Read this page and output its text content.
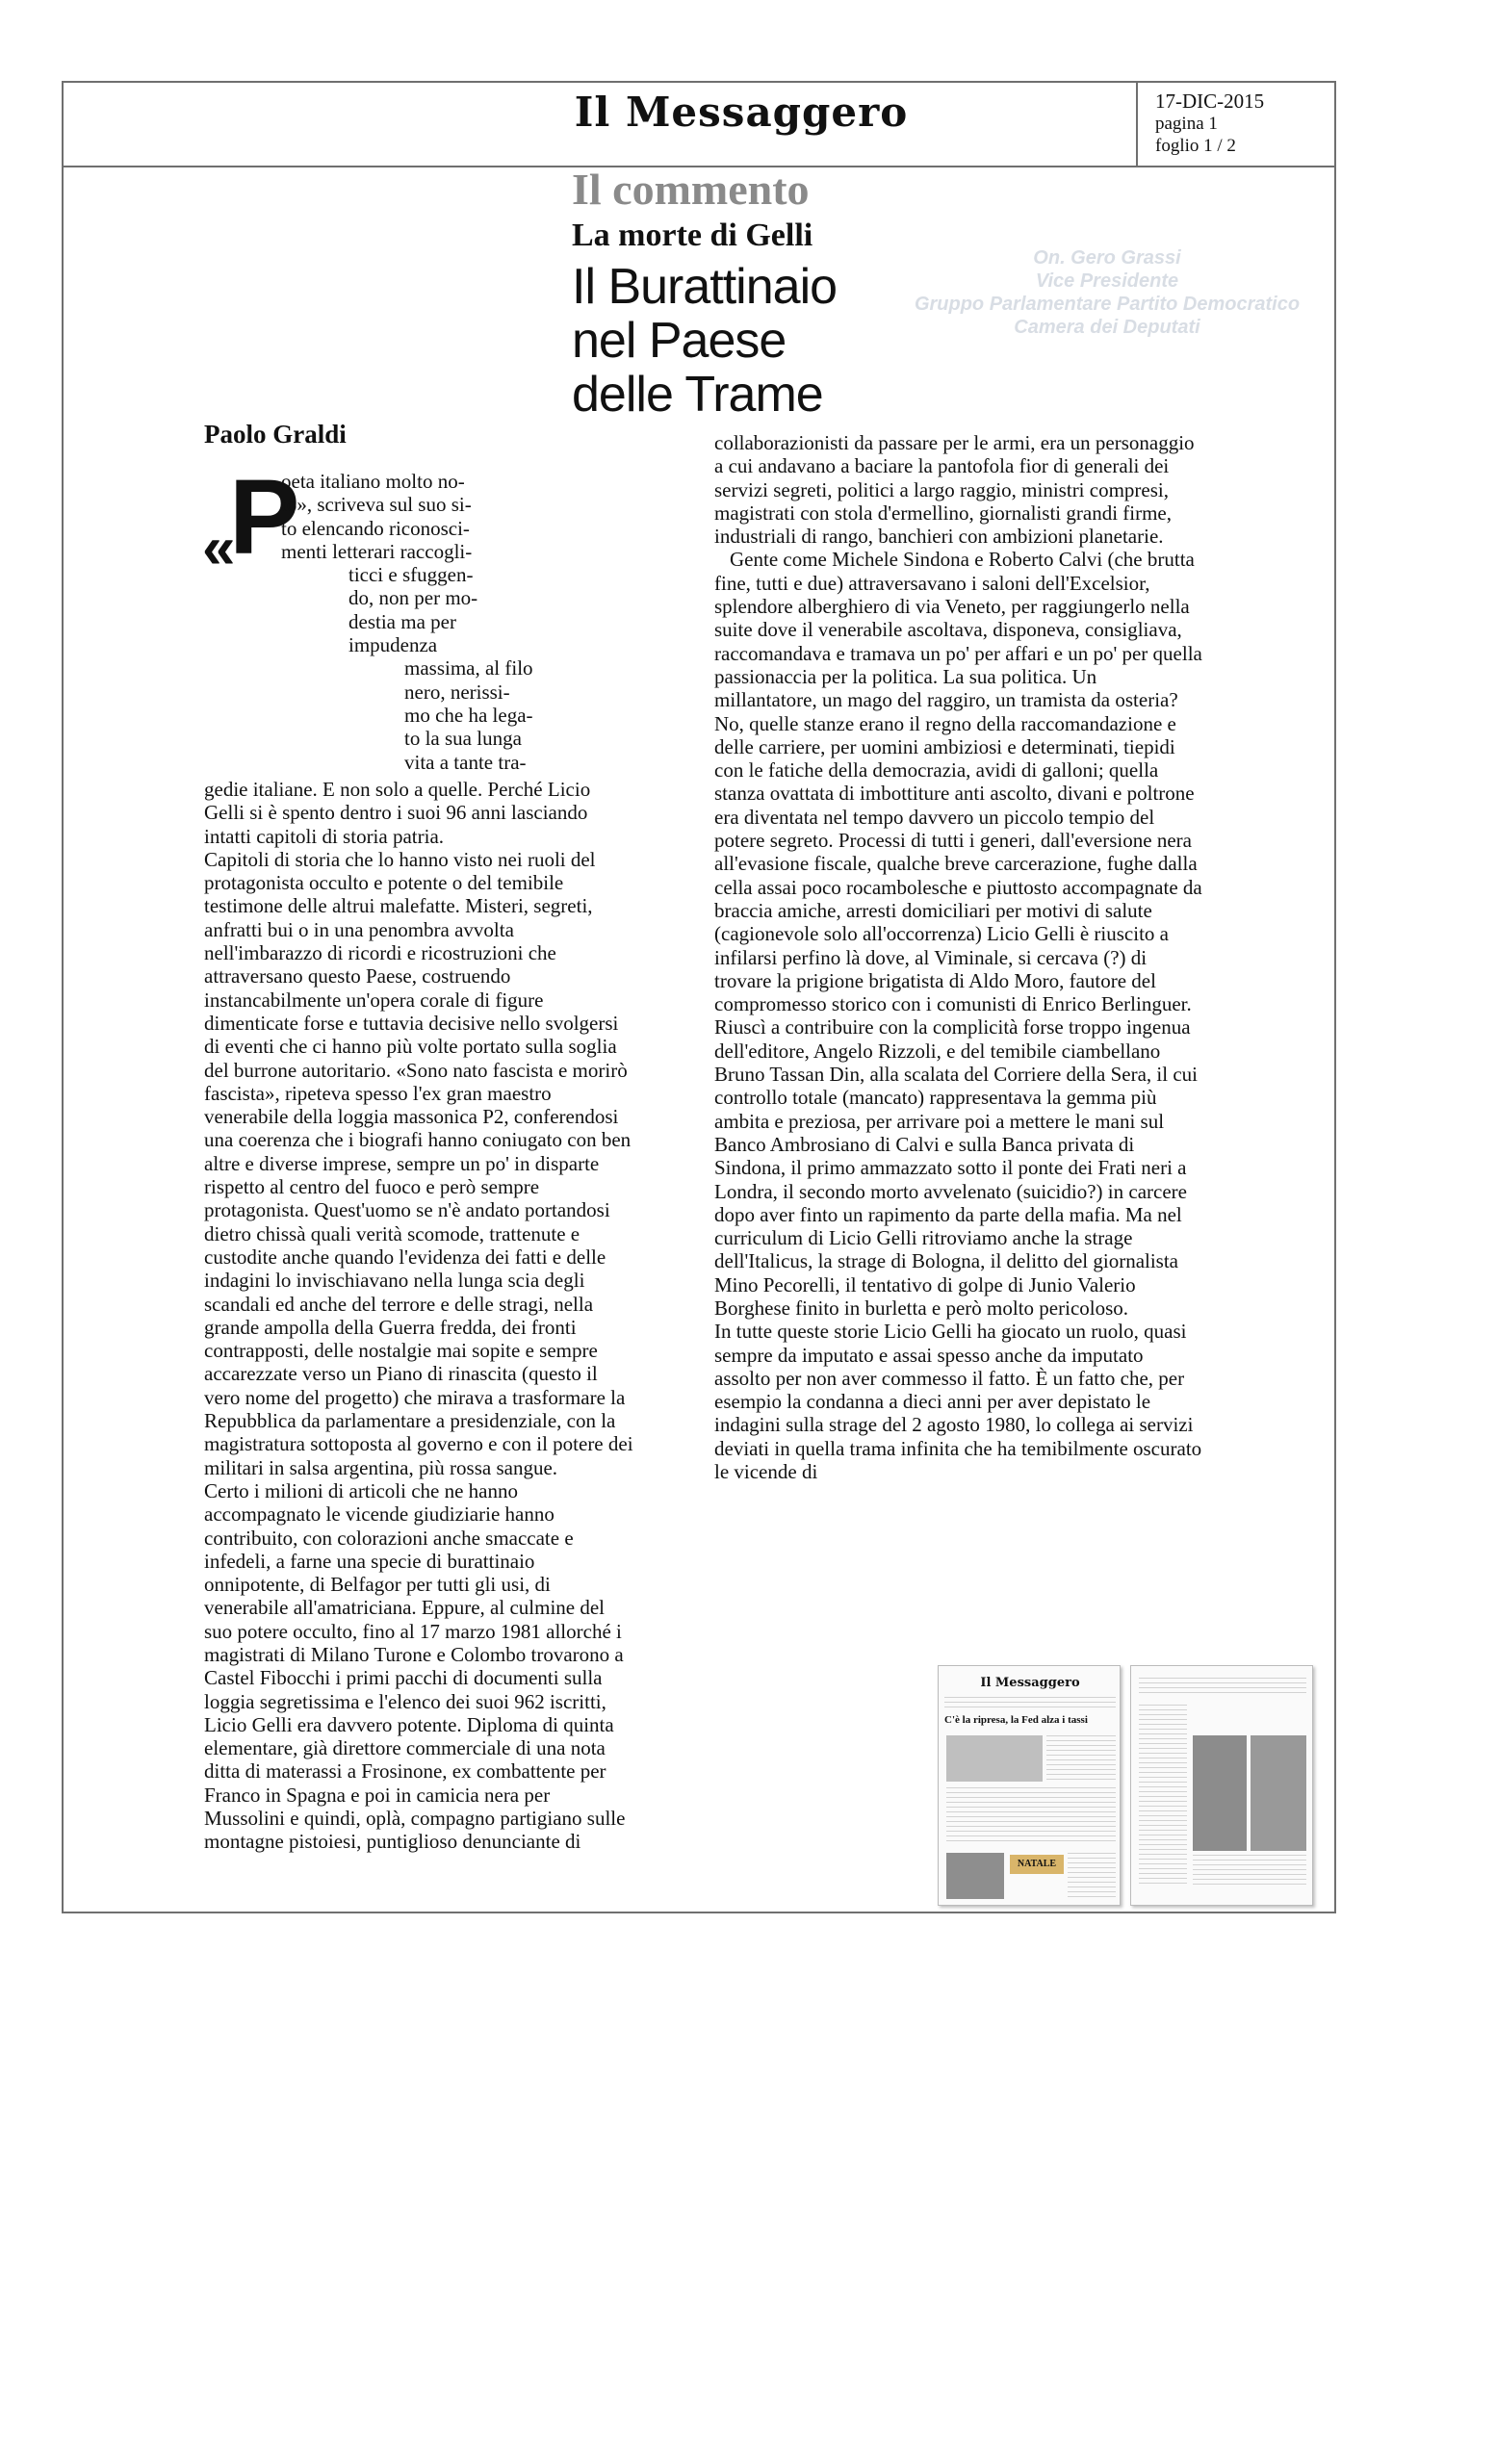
Il Messaggero	17-DIC-2015
pagina 1
foglio 1 / 2
Il commento
La morte di Gelli
Il Burattinaio
nel Paese
delle Trame
On. Gero Grassi
Vice Presidente
Gruppo Parlamentare Partito Democratico
Camera dei Deputati
Paolo Graldi
«
P
oeta italiano molto no-
to», scriveva sul suo si-
to elencando riconosci-
menti letterari raccogli-
ticci e sfuggen-
do, non per mo-
destia ma per
impudenza
massima, al filo
nero, nerissi-
mo che ha lega-
to la sua lunga
vita a tante tra-

gedie italiane. E non solo a quelle. Perché Licio Gelli si è spento dentro i suoi 96 anni lasciando intatti capitoli di storia patria.

Capitoli di storia che lo hanno visto nei ruoli del protagonista occulto e potente o del temibile testimone delle altrui malefatte. Misteri, segreti, anfratti bui o in una penombra avvolta nell'imbarazzo di ricordi e ricostruzioni che attraversano questo Paese, costruendo instancabilmente un'opera corale di figure dimenticate forse e tuttavia decisive nello svolgersi di eventi che ci hanno più volte portato sulla soglia del burrone autoritario. «Sono nato fascista e morirò fascista», ripeteva spesso l'ex gran maestro venerabile della loggia massonica P2, conferendosi una coerenza che i biografi hanno coniugato con ben altre e diverse imprese, sempre un po' in disparte rispetto al centro del fuoco e però sempre protagonista. Quest'uomo se n'è andato portandosi dietro chissà quali verità scomode, trattenute e custodite anche quando l'evidenza dei fatti e delle indagini lo invischiavano nella lunga scia degli scandali ed anche del terrore e delle stragi, nella grande ampolla della Guerra fredda, dei fronti contrapposti, delle nostalgie mai sopite e sempre accarezzate verso un Piano di rinascita (questo il vero nome del progetto) che mirava a trasformare la Repubblica da parlamentare a presidenziale, con la magistratura sottoposta al governo e con il potere dei militari in salsa argentina, più rossa sangue.

Certo i milioni di articoli che ne hanno accompagnato le vicende giudiziarie hanno contribuito, con colorazioni anche smaccate e infedeli, a farne una specie di burattinaio onnipotente, di Belfagor per tutti gli usi, di venerabile all'amatriciana. Eppure, al culmine del suo potere occulto, fino al 17 marzo 1981 allorché i magistrati di Milano Turone e Colombo trovarono a Castel Fibocchi i primi pacchi di documenti sulla loggia segretissima e l'elenco dei suoi 962 iscritti, Licio Gelli era davvero potente. Diploma di quinta elementare, già direttore commerciale di una nota ditta di materassi a Frosinone, ex combattente per Franco in Spagna e poi in camicia nera per Mussolini e quindi, oplà, compagno partigiano sulle montagne pistoiesi, puntiglioso denunciante di

collaborazionisti da passare per le armi, era un personaggio a cui andavano a baciare la pantofola fior di generali dei servizi segreti, politici a largo raggio, ministri compresi, magistrati con stola d'ermellino, giornalisti grandi firme, industriali di rango, banchieri con ambizioni planetarie.

Gente come Michele Sindona e Roberto Calvi (che brutta fine, tutti e due) attraversavano i saloni dell'Excelsior, splendore alberghiero di via Veneto, per raggiungerlo nella suite dove il venerabile ascoltava, disponeva, consigliava, raccomandava e tramava un po' per affari e un po' per quella passionaccia per la politica. La sua politica. Un millantatore, un mago del raggiro, un tramista da osteria? No, quelle stanze erano il regno della raccomandazione e delle carriere, per uomini ambiziosi e determinati, tiepidi con le fatiche della democrazia, avidi di galloni; quella stanza ovattata di imbottiture anti ascolto, divani e poltrone era diventata nel tempo davvero un piccolo tempio del potere segreto. Processi di tutti i generi, dall'eversione nera all'evasione fiscale, qualche breve carcerazione, fughe dalla cella assai poco rocambolesche e piuttosto accompagnate da braccia amiche, arresti domiciliari per motivi di salute (cagionevole solo all'occorrenza) Licio Gelli è riuscito a infilarsi perfino là dove, al Viminale, si cercava (?) di trovare la prigione brigatista di Aldo Moro, fautore del compromesso storico con i comunisti di Enrico Berlinguer. Riuscì a contribuire con la complicità forse troppo ingenua dell'editore, Angelo Rizzoli, e del temibile ciambellano Bruno Tassan Din, alla scalata del Corriere della Sera, il cui controllo totale (mancato) rappresentava la gemma più ambita e preziosa, per arrivare poi a mettere le mani sul Banco Ambrosiano di Calvi e sulla Banca privata di Sindona, il primo ammazzato sotto il ponte dei Frati neri a Londra, il secondo morto avvelenato (suicidio?) in carcere dopo aver finto un rapimento da parte della mafia. Ma nel curriculum di Licio Gelli ritroviamo anche la strage dell'Italicus, la strage di Bologna, il delitto del giornalista Mino Pecorelli, il tentativo di golpe di Junio Valerio Borghese finito in burletta e però molto pericoloso.

In tutte queste storie Licio Gelli ha giocato un ruolo, quasi sempre da imputato e assai spesso anche da imputato assolto per non aver commesso il fatto. È un fatto che, per esempio la condanna a dieci anni per aver depistato le indagini sulla strage del 2 agosto 1980, lo collega ai servizi deviati in quella trama infinita che ha temibilmente oscurato le vicende di

Il Messaggero
C'è la ripresa, la Fed alza i tassi
NATALE
